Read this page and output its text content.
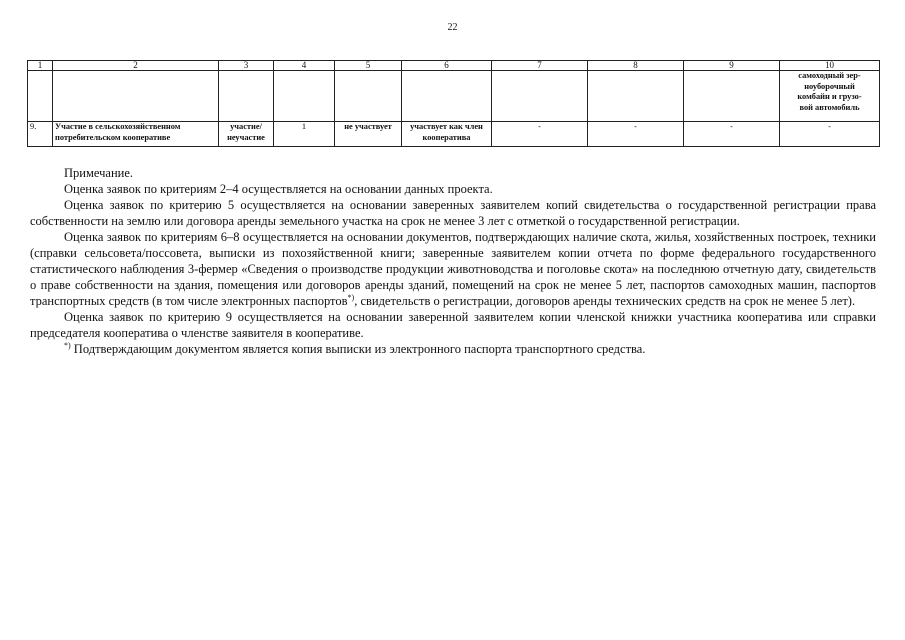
22
1	2	3	4	5	6	7	8	9	10
									самоходный зер-
ноуборочный
комбайн и грузо-
вой автомобиль
9.	Участие в сельскохозяйственном потребительском кооперативе	участие/ неучастие	1	не участвует	участвует как член кооператива	-	-	-	-

Примечание.

Оценка заявок по критериям 2–4 осуществляется на основании данных проекта.

Оценка заявок по критерию 5 осуществляется на основании заверенных заявителем копий свидетельства о государственной регистрации права собственности на землю или договора аренды земельного участка на срок не менее 3 лет с отметкой о государственной регистрации.

Оценка заявок по критериям 6–8 осуществляется на основании документов, подтверждающих наличие скота, жилья, хозяйственных построек, техники (справки сельсовета/поссовета, выписки из похозяйственной книги; заверенные заявителем копии отчета по форме федерального государственного статистического наблюдения 3-фермер «Сведения о производстве продукции животноводства и поголовье скота» на последнюю отчетную дату, свидетельств о праве собственности на здания, помещения или договоров аренды зданий, помещений на срок не менее 5 лет, паспортов самоходных машин, паспортов транспортных средств (в том числе электронных паспортов*), свидетельств о регистрации, договоров аренды технических средств на срок не менее 5 лет).

Оценка заявок по критерию 9 осуществляется на основании заверенной заявителем копии членской книжки участника кооператива или справки председателя кооператива о членстве заявителя в кооперативе.

*) Подтверждающим документом является копия выписки из электронного паспорта транспортного средства.
